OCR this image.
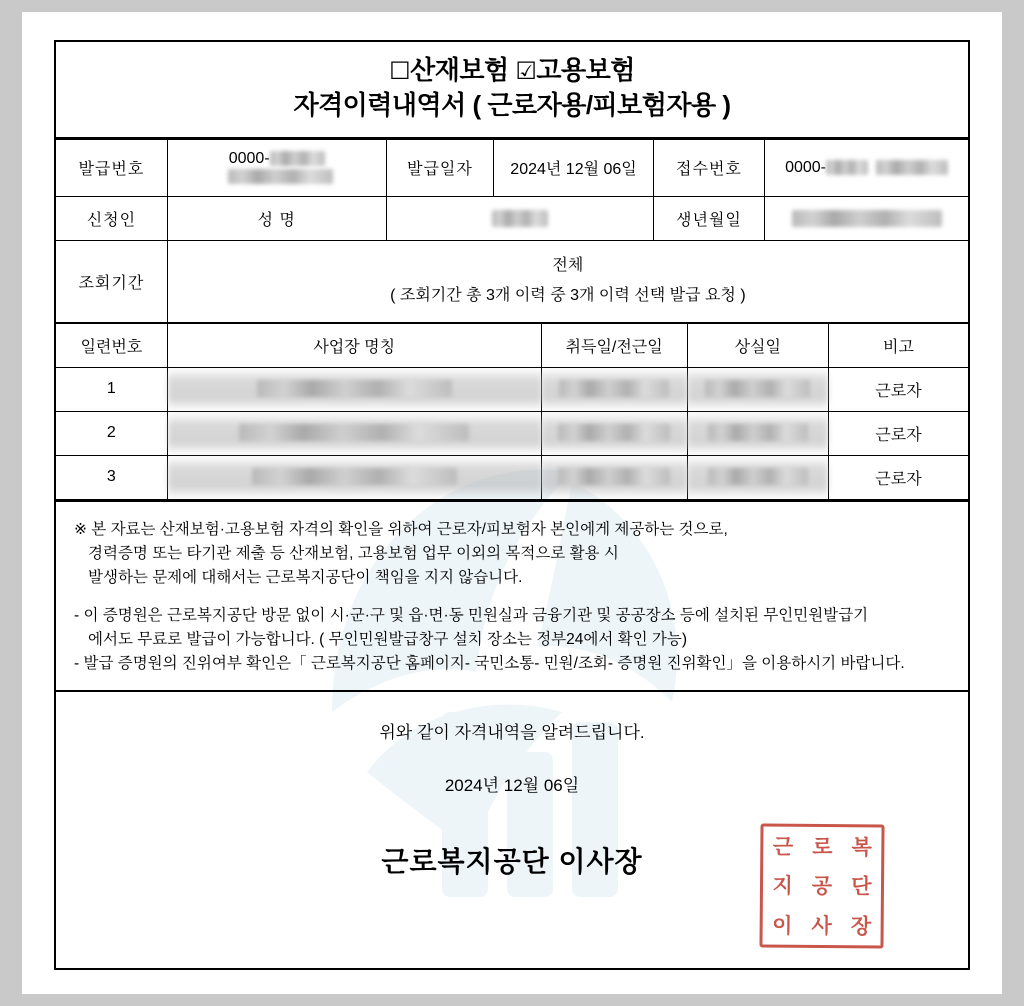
☐산재보험 ☑고용보험
자격이력내역서 ( 근로자용/피보험자용 )
발급번호	0000-	발급일자	2024년 12월 06일	접수번호	0000-
신청인	성 명			생년월일	
조회기간	전체
( 조회기간 총 3개 이력 중 3개 이력 선택 발급 요청 )				
일련번호	사업장 명칭	취득일/전근일	상실일	비고
1				근로자
2				근로자
3				근로자

※ 본 자료는 산재보험·고용보험 자격의 확인을 위하여 근로자/피보험자 본인에게 제공하는 것으로,

경력증명 또는 타기관 제출 등 산재보험, 고용보험 업무 이외의 목적으로 활용 시

발생하는 문제에 대해서는 근로복지공단이 책임을 지지 않습니다.

- 이 증명원은 근로복지공단 방문 없이 시·군·구 및 읍·면·동 민원실과 금융기관 및 공공장소 등에 설치된 무인민원발급기

에서도 무료로 발급이 가능합니다. ( 무인민원발급창구 설치 장소는 정부24에서 확인 가능)

- 발급 증명원의 진위여부 확인은「 근로복지공단 홈페이지- 국민소통- 민원/조회- 증명원 진위확인」을 이용하시기 바랍니다.

위와 같이 자격내역을 알려드립니다.
2024년 12월 06일
근로복지공단 이사장	근 로 복
지 공 단
이 사 장
